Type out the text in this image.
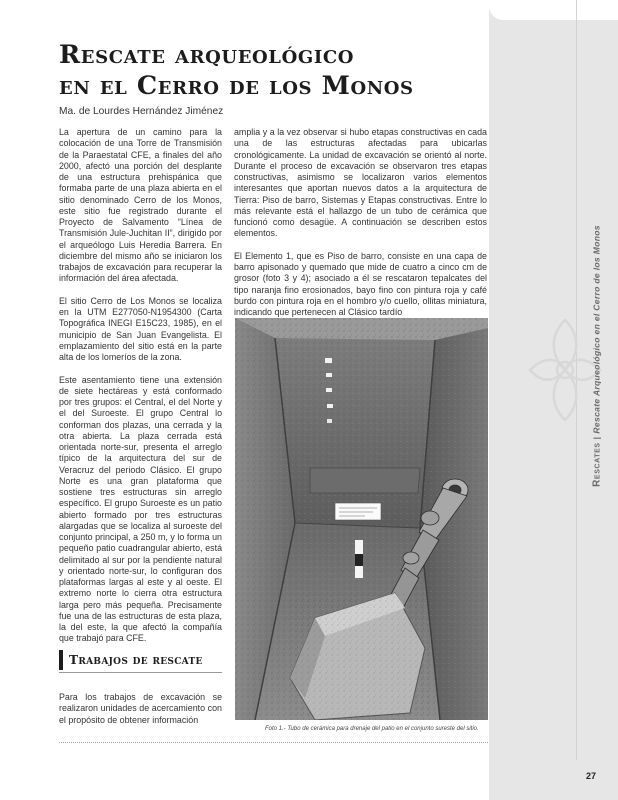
Rescates|Rescate Arqueológico en el Cerro de los Monos
Rescate arqueológico
en el Cerro de los Monos
Ma. de Lourdes Hernández Jiménez

La apertura de un camino para la colocación de una Torre de Transmisión de la Paraestatal CFE, a finales del año 2000, afectó una porción del desplante de una estructura prehispánica que formaba parte de una plaza abierta en el sitio denominado Cerro de los Monos, este sitio fue registrado durante el Proyecto de Salvamento “Línea de Transmisión Jule-Juchitan II”, dirigido por el arqueólogo Luis Heredia Barrera. En diciembre del mismo año se iniciaron los trabajos de excavación para recuperar la información del área afectada.

El sitio Cerro de Los Monos se localiza en la UTM E277050-N1954300 (Carta Topográfica INEGI E15C23, 1985), en el municipio de San Juan Evangelista. El emplazamiento del sitio está en la parte alta de los lomeríos de la zona.

Este asentamiento tiene una extensión de siete hectáreas y está conformado por tres grupos: el Central, el del Norte y el del Suroeste. El grupo Central lo conforman dos plazas, una cerrada y la otra abierta. La plaza cerrada está orientada norte-sur, presenta el arreglo típico de la arquitectura del sur de Veracruz del periodo Clásico. El grupo Norte es una gran plataforma que sostiene tres estructuras sin arreglo específico. El grupo Suroeste es un patio abierto formado por tres estructuras alargadas que se localiza al suroeste del conjunto principal, a 250 m, y lo forma un pequeño patio cuadrangular abierto, está delimitado al sur por la pendiente natural y orientado norte-sur, lo configuran dos plataformas largas al este y al oeste. El extremo norte lo cierra otra estructura larga pero más pequeña. Precisamente fue una de las estructuras de esta plaza, la del este, la que afectó la compañía que trabajó para CFE.

Trabajos de rescate

Para los trabajos de excavación se realizaron unidades de acercamiento con el propósito de obtener información

amplia y a la vez observar si hubo etapas constructivas en cada una de las estructuras afectadas para ubicarlas cronológicamente. La unidad de excavación se orientó al norte. Durante el proceso de excavación se observaron tres etapas constructivas, asimismo se localizaron varios elementos interesantes que aportan nuevos datos a la arquitectura de Tierra: Piso de barro, Sistemas y Etapas constructivas. Entre lo más relevante está el hallazgo de un tubo de cerámica que funcionó como desagüe. A continuación se describen estos elementos.

El Elemento 1, que es Piso de barro, consiste en una capa de barro apisonado y quemado que mide de cuatro a cinco cm de grosor (foto 3 y 4); asociado a él se rescataron tepalcates del tipo naranja fino erosionados, bayo fino con pintura roja y café burdo con pintura roja en el hombro y/o cuello, ollitas miniatura, indicando que pertenecen al Clásico tardío

Foto 1.- Tubo de cerámica para drenaje del patio en el conjunto sureste del sitio.
27
